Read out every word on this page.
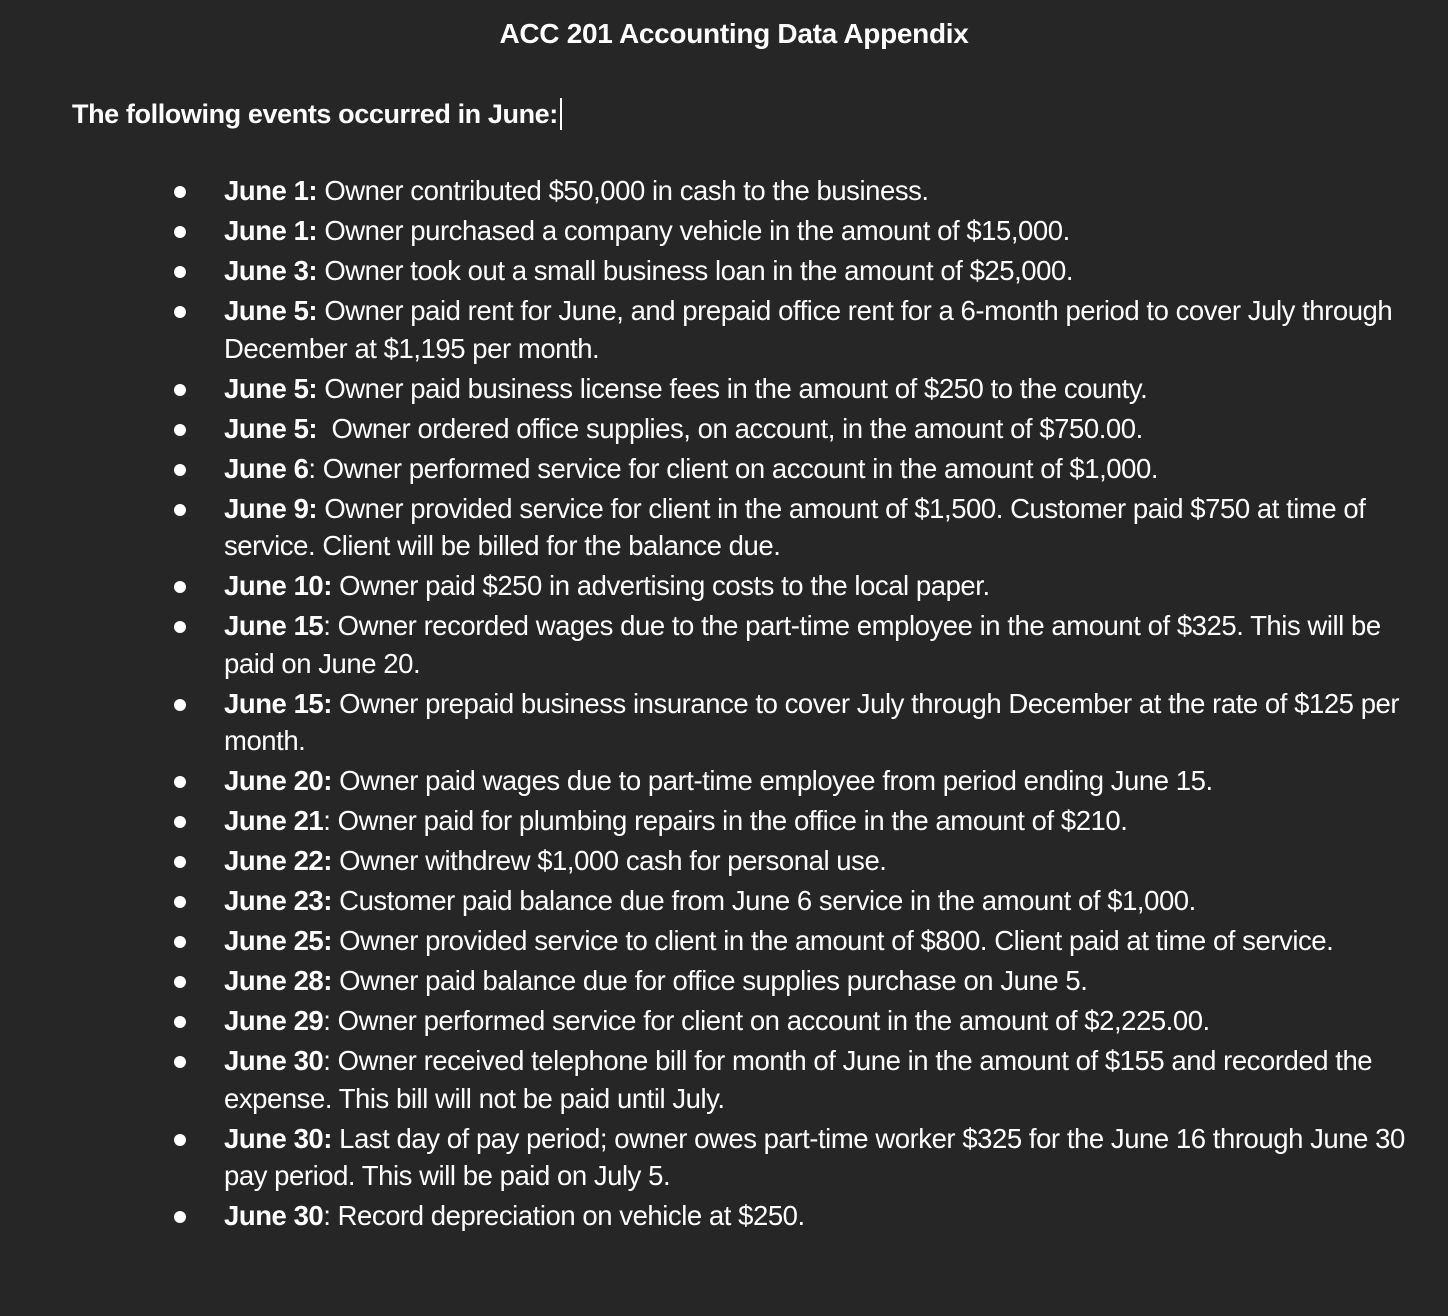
ACC 201 Accounting Data Appendix
The following events occurred in June:
June 1: Owner contributed $50,000 in cash to the business.
June 1: Owner purchased a company vehicle in the amount of $15,000.
June 3: Owner took out a small business loan in the amount of $25,000.
June 5: Owner paid rent for June, and prepaid office rent for a 6-month period to cover July through December at $1,195 per month.
June 5: Owner paid business license fees in the amount of $250 to the county.
June 5:  Owner ordered office supplies, on account, in the amount of $750.00.
June 6: Owner performed service for client on account in the amount of $1,000.
June 9: Owner provided service for client in the amount of $1,500. Customer paid $750 at time of service. Client will be billed for the balance due.
June 10: Owner paid $250 in advertising costs to the local paper.
June 15: Owner recorded wages due to the part-time employee in the amount of $325. This will be paid on June 20.
June 15: Owner prepaid business insurance to cover July through December at the rate of $125 per month.
June 20: Owner paid wages due to part-time employee from period ending June 15.
June 21: Owner paid for plumbing repairs in the office in the amount of $210.
June 22: Owner withdrew $1,000 cash for personal use.
June 23: Customer paid balance due from June 6 service in the amount of $1,000.
June 25: Owner provided service to client in the amount of $800. Client paid at time of service.
June 28: Owner paid balance due for office supplies purchase on June 5.
June 29: Owner performed service for client on account in the amount of $2,225.00.
June 30: Owner received telephone bill for month of June in the amount of $155 and recorded the expense. This bill will not be paid until July.
June 30: Last day of pay period; owner owes part-time worker $325 for the June 16 through June 30 pay period. This will be paid on July 5.
June 30: Record depreciation on vehicle at $250.
